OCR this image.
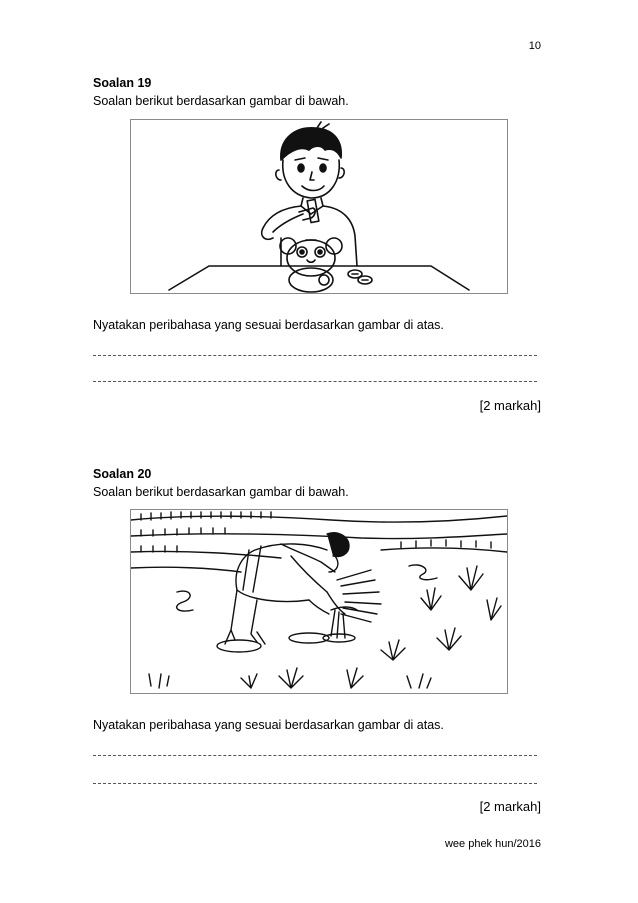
10
Soalan 19
Soalan berikut berdasarkan gambar di bawah.
Nyatakan peribahasa yang sesuai berdasarkan gambar di atas.
[2 markah]
Soalan 20
Soalan berikut berdasarkan gambar di bawah.
Nyatakan peribahasa yang sesuai berdasarkan gambar di atas.
[2 markah]
wee phek hun/2016
